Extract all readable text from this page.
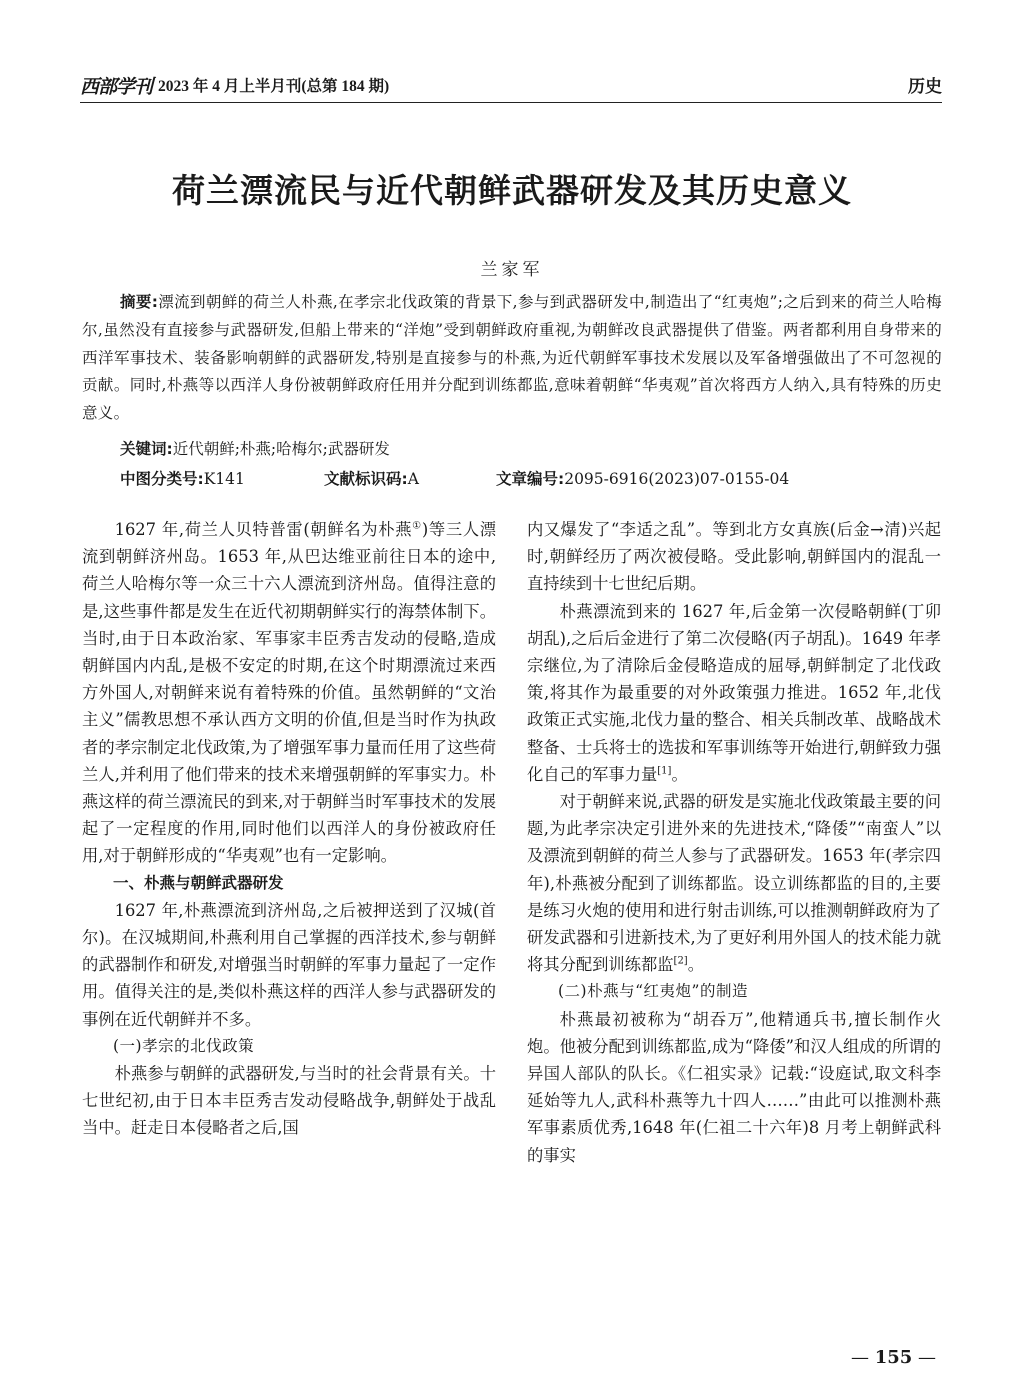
西部学刊 2023 年 4 月上半月刊(总第 184 期)	历史
荷兰漂流民与近代朝鲜武器研发及其历史意义
兰家军
摘要:漂流到朝鲜的荷兰人朴燕,在孝宗北伐政策的背景下,参与到武器研发中,制造出了“红夷炮”;之后到来的荷兰人哈梅尔,虽然没有直接参与武器研发,但船上带来的“洋炮”受到朝鲜政府重视,为朝鲜改良武器提供了借鉴。两者都利用自身带来的西洋军事技术、装备影响朝鲜的武器研发,特别是直接参与的朴燕,为近代朝鲜军事技术发展以及军备增强做出了不可忽视的贡献。同时,朴燕等以西洋人身份被朝鲜政府任用并分配到训练都监,意味着朝鲜“华夷观”首次将西方人纳入,具有特殊的历史意义。
关键词:近代朝鲜;朴燕;哈梅尔;武器研发
中图分类号:K141	文献标识码:A	文章编号:2095-6916(2023)07-0155-04

1627 年,荷兰人贝特普雷(朝鲜名为朴燕①)等三人漂流到朝鲜济州岛。1653 年,从巴达维亚前往日本的途中,荷兰人哈梅尔等一众三十六人漂流到济州岛。值得注意的是,这些事件都是发生在近代初期朝鲜实行的海禁体制下。当时,由于日本政治家、军事家丰臣秀吉发动的侵略,造成朝鲜国内内乱,是极不安定的时期,在这个时期漂流过来西方外国人,对朝鲜来说有着特殊的价值。虽然朝鲜的“文治主义”儒教思想不承认西方文明的价值,但是当时作为执政者的孝宗制定北伐政策,为了增强军事力量而任用了这些荷兰人,并利用了他们带来的技术来增强朝鲜的军事实力。朴燕这样的荷兰漂流民的到来,对于朝鲜当时军事技术的发展起了一定程度的作用,同时他们以西洋人的身份被政府任用,对于朝鲜形成的“华夷观”也有一定影响。

一、朴燕与朝鲜武器研发

1627 年,朴燕漂流到济州岛,之后被押送到了汉城(首尔)。在汉城期间,朴燕利用自己掌握的西洋技术,参与朝鲜的武器制作和研发,对增强当时朝鲜的军事力量起了一定作用。值得关注的是,类似朴燕这样的西洋人参与武器研发的事例在近代朝鲜并不多。

(一)孝宗的北伐政策

朴燕参与朝鲜的武器研发,与当时的社会背景有关。十七世纪初,由于日本丰臣秀吉发动侵略战争,朝鲜处于战乱当中。赶走日本侵略者之后,国

内又爆发了“李适之乱”。等到北方女真族(后金→清)兴起时,朝鲜经历了两次被侵略。受此影响,朝鲜国内的混乱一直持续到十七世纪后期。

朴燕漂流到来的 1627 年,后金第一次侵略朝鲜(丁卯胡乱),之后后金进行了第二次侵略(丙子胡乱)。1649 年孝宗继位,为了清除后金侵略造成的屈辱,朝鲜制定了北伐政策,将其作为最重要的对外政策强力推进。1652 年,北伐政策正式实施,北伐力量的整合、相关兵制改革、战略战术整备、士兵将士的选拔和军事训练等开始进行,朝鲜致力强化自己的军事力量[1]。

对于朝鲜来说,武器的研发是实施北伐政策最主要的问题,为此孝宗决定引进外来的先进技术,“降倭”“南蛮人”以及漂流到朝鲜的荷兰人参与了武器研发。1653 年(孝宗四年),朴燕被分配到了训练都监。设立训练都监的目的,主要是练习火炮的使用和进行射击训练,可以推测朝鲜政府为了研发武器和引进新技术,为了更好利用外国人的技术能力就将其分配到训练都监[2]。

(二)朴燕与“红夷炮”的制造

朴燕最初被称为“胡吞万”,他精通兵书,擅长制作火炮。他被分配到训练都监,成为“降倭”和汉人组成的所谓的异国人部队的队长。《仁祖实录》记载:“设庭试,取文科李延始等九人,武科朴燕等九十四人……”由此可以推测朴燕军事素质优秀,1648 年(仁祖二十六年)8 月考上朝鲜武科的事实

— 155 —
